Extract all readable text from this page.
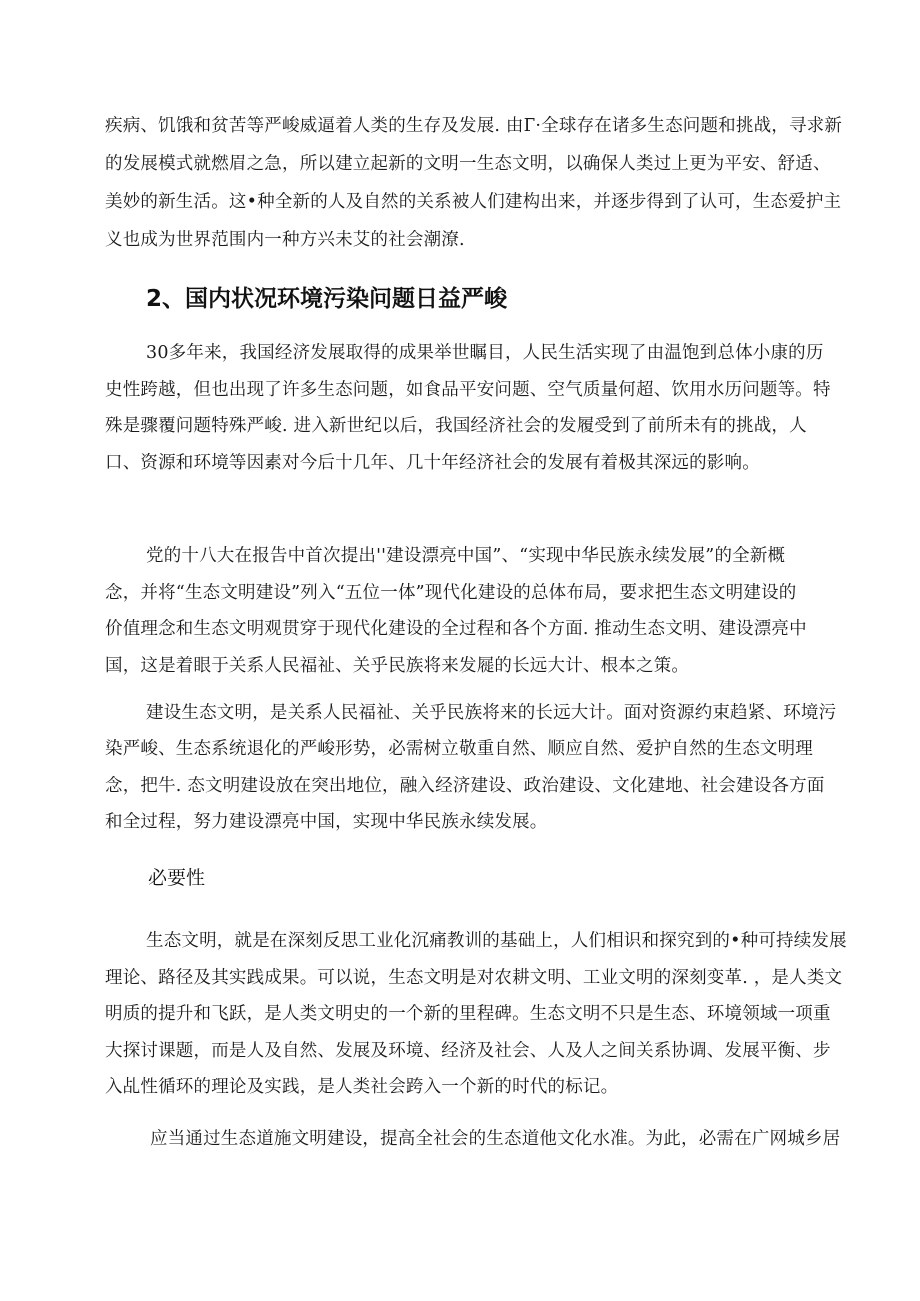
疾病、饥饿和贫苦等严峻威逼着人类的生存及发展. 由Г·全球存在诸多生态问题和挑战，寻求新
的发展模式就燃眉之急，所以建立起新的文明一生态文明，以确保人类过上更为平安、舒适、
美妙的新生活。这•种全新的人及自然的关系被人们建构出来，并逐步得到了认可，生态爱护主
义也成为世界范围内一种方兴未艾的社会潮潦.
2、国内状况环境污染问题日益严峻
30多年来，我国经济发展取得的成果举世瞩目，人民生活实现了由温饱到总体小康的历
史性跨越，但也出现了许多生态问题，如食品平安问题、空气质量何超、饮用水历问题等。特
殊是骤覆问题特殊严峻. 进入新世纪以后，我国经济社会的发履受到了前所未有的挑战，人
口、资源和环境等因素对今后十几年、几十年经济社会的发展有着极其深远的影响。
党的十八大在报告中首次提出''建设漂亮中国”、“实现中华民族永续发展”的全新概
念，并将“生态文明建设”列入“五位一体”现代化建设的总体布局，要求把生态文明建设的
价值理念和生态文明观贯穿于现代化建设的全过程和各个方面. 推动生态文明、建设漂亮中
国，这是着眼于关系人民福祉、关乎民族将来发屣的长远大计、根本之策。
建设生态文明，是关系人民福祉、关乎民族将来的长远大计。面对资源约束趋紧、环境污
染严峻、生态系统退化的严峻形势，必需树立敬重自然、顺应自然、爱护自然的生态文明理
念，把牛. 态文明建设放在突出地位，融入经济建设、政治建设、文化建地、社会建设各方面
和全过程，努力建设漂亮中国，实现中华民族永续发展。
必要性
生态文明，就是在深刻反思工业化沉痛教训的基础上，人们相识和探究到的•种可持续发展
理论、路径及其实践成果。可以说，生态文明是对农耕文明、工业文明的深刻变革. ，是人类文
明质的提升和飞跃，是人类文明史的一个新的里程碑。生态文明不只是生态、环境领域一项重
大探讨课题，而是人及自然、发展及环境、经济及社会、人及人之间关系协调、发展平衡、步
入乩性循环的理论及实践，是人类社会跨入一个新的时代的标记。
应当通过生态道施文明建设，提高全社会的生态道他文化水准。为此，必需在广网城乡居
